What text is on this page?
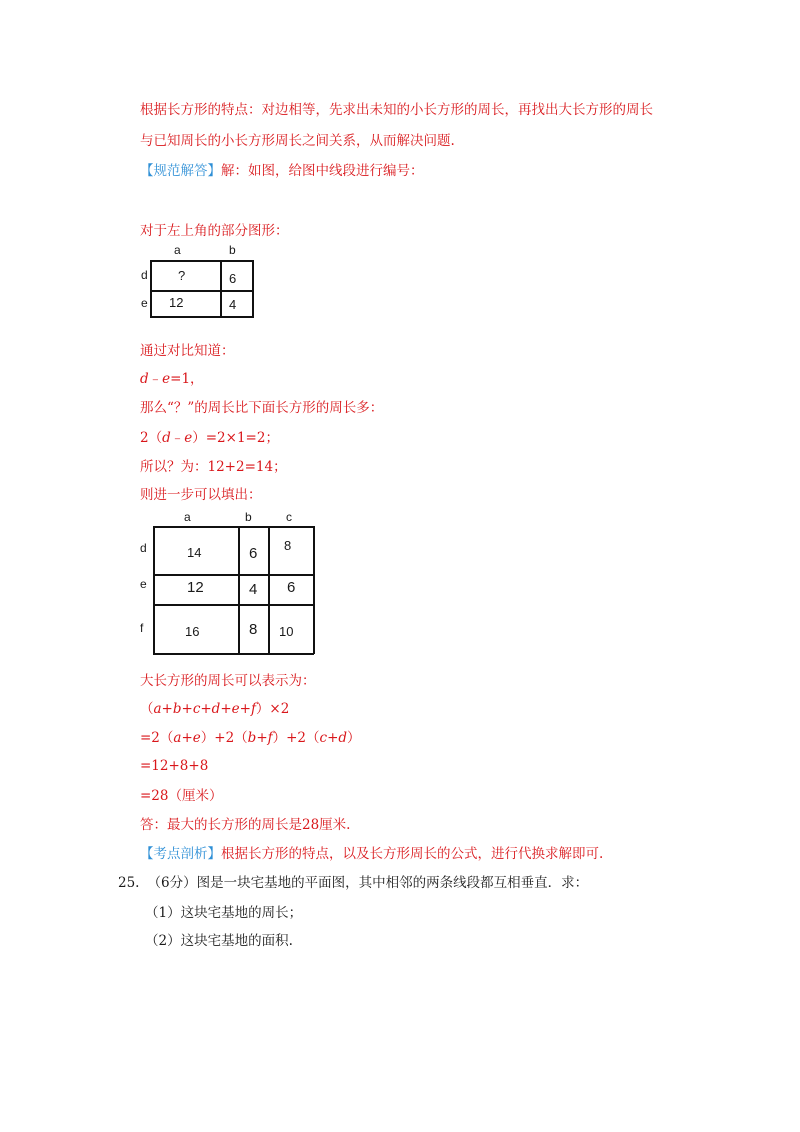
根据长方形的特点：对边相等，先求出未知的小长方形的周长，再找出大长方形的周长
与已知周长的小长方形周长之间关系，从而解决问题.
【规范解答】解：如图，给图中线段进行编号：
对于左上角的部分图形：
a	b
d
e
?	6
12	4
通过对比知道：
d﹣e=1，
那么“？”的周长比下面长方形的周长多：
2（d﹣e）=2×1=2；
所以？为：12+2=14；
则进一步可以填出：
a	b	c
d
e
f
14	6 8
12	4 6
16	8 10
大长方形的周长可以表示为：
（a+b+c+d+e+f）×2
=2（a+e）+2（b+f）+2（c+d）
=12+8+8
=28（厘米）
答：最大的长方形的周长是28厘米.
【考点剖析】根据长方形的特点，以及长方形周长的公式，进行代换求解即可.
25. （6分）图是一块宅基地的平面图，其中相邻的两条线段都互相垂直．求：
（1）这块宅基地的周长；
（2）这块宅基地的面积.
